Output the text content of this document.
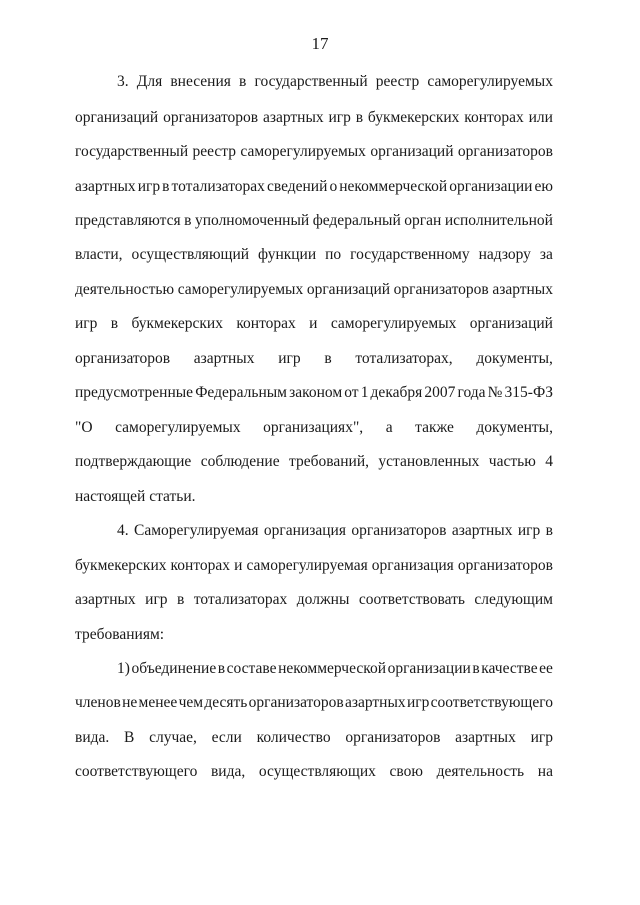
17
3. Для внесения в государственный реестр саморегулируемых
организаций организаторов азартных игр в букмекерских конторах или
государственный реестр саморегулируемых организаций организаторов
азартных игр в тотализаторах сведений о некоммерческой организации ею
представляются в уполномоченный федеральный орган исполнительной
власти, осуществляющий функции по государственному надзору за
деятельностью саморегулируемых организаций организаторов азартных
игр в букмекерских конторах и саморегулируемых организаций
организаторов азартных игр в тотализаторах, документы,
предусмотренные Федеральным законом от 1 декабря 2007 года № 315-ФЗ
"О саморегулируемых организациях", а также документы,
подтверждающие соблюдение требований, установленных частью 4
настоящей статьи.
4. Саморегулируемая организация организаторов азартных игр в
букмекерских конторах и саморегулируемая организация организаторов
азартных игр в тотализаторах должны соответствовать следующим
требованиям:
1) объединение в составе некоммерческой организации в качестве ее
членов не менее чем десять организаторов азартных игр соответствующего
вида. В случае, если количество организаторов азартных игр
соответствующего вида, осуществляющих свою деятельность на
